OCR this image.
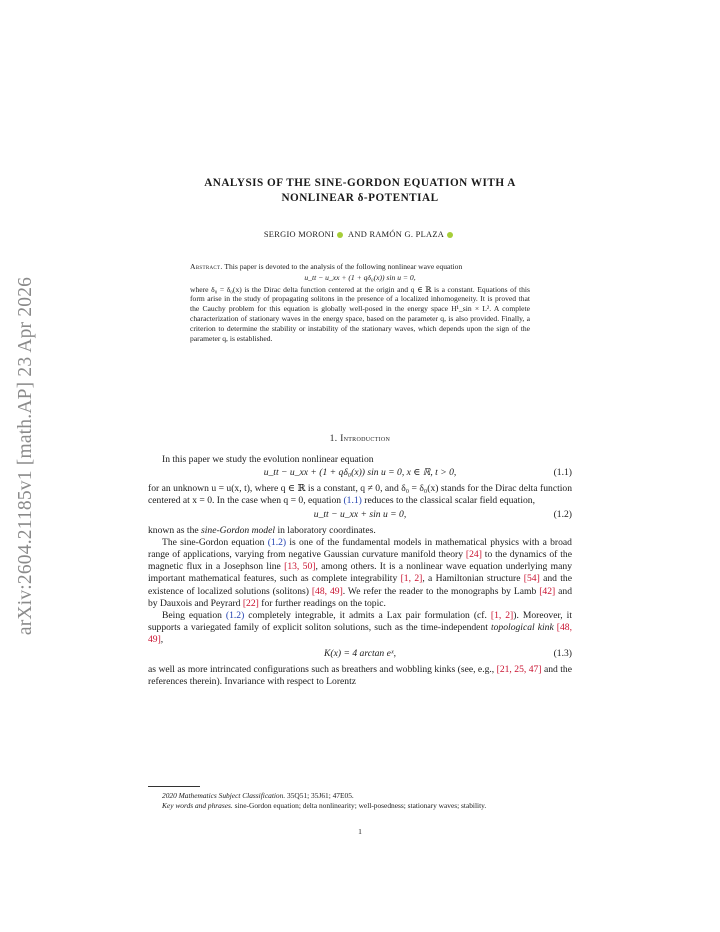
arXiv:2604.21185v1 [math.AP] 23 Apr 2026
ANALYSIS OF THE SINE-GORDON EQUATION WITH A
NONLINEAR δ-POTENTIAL
SERGIO MORONI AND RAMÓN G. PLAZA
Abstract. This paper is devoted to the analysis of the following nonlinear wave equation
u_tt − u_xx + (1 + qδ₀(x)) sin u = 0,
where δ₀ = δ₀(x) is the Dirac delta function centered at the origin and q ∈ ℝ is a constant. Equations of this form arise in the study of propagating solitons in the presence of a localized inhomogeneity. It is proved that the Cauchy problem for this equation is globally well-posed in the energy space H¹_sin × L². A complete characterization of stationary waves in the energy space, based on the parameter q, is also provided. Finally, a criterion to determine the stability or instability of the stationary waves, which depends upon the sign of the parameter q, is established.
1. Introduction

In this paper we study the evolution nonlinear equation

u_tt − u_xx + (1 + qδ₀(x)) sin u = 0, x ∈ ℝ, t > 0,	(1.1)

for an unknown u = u(x, t), where q ∈ ℝ is a constant, q ≠ 0, and δ₀ = δ₀(x) stands for the Dirac delta function centered at x = 0. In the case when q = 0, equation (1.1) reduces to the classical scalar field equation,

u_tt − u_xx + sin u = 0,	(1.2)

known as the sine-Gordon model in laboratory coordinates.

The sine-Gordon equation (1.2) is one of the fundamental models in mathematical physics with a broad range of applications, varying from negative Gaussian curvature manifold theory [24] to the dynamics of the magnetic flux in a Josephson line [13, 50], among others. It is a nonlinear wave equation underlying many important mathematical features, such as complete integrability [1, 2], a Hamiltonian structure [54] and the existence of localized solutions (solitons) [48, 49]. We refer the reader to the monographs by Lamb [42] and by Dauxois and Peyrard [22] for further readings on the topic.

Being equation (1.2) completely integrable, it admits a Lax pair formulation (cf. [1, 2]). Moreover, it supports a variegated family of explicit soliton solutions, such as the time-independent topological kink [48, 49],

K(x) = 4 arctan eˣ,	(1.3)

as well as more intrincated configurations such as breathers and wobbling kinks (see, e.g., [21, 25, 47] and the references therein). Invariance with respect to Lorentz

2020 Mathematics Subject Classification. 35Q51; 35J61; 47E05.

Key words and phrases. sine-Gordon equation; delta nonlinearity; well-posedness; stationary waves; stability.

1
